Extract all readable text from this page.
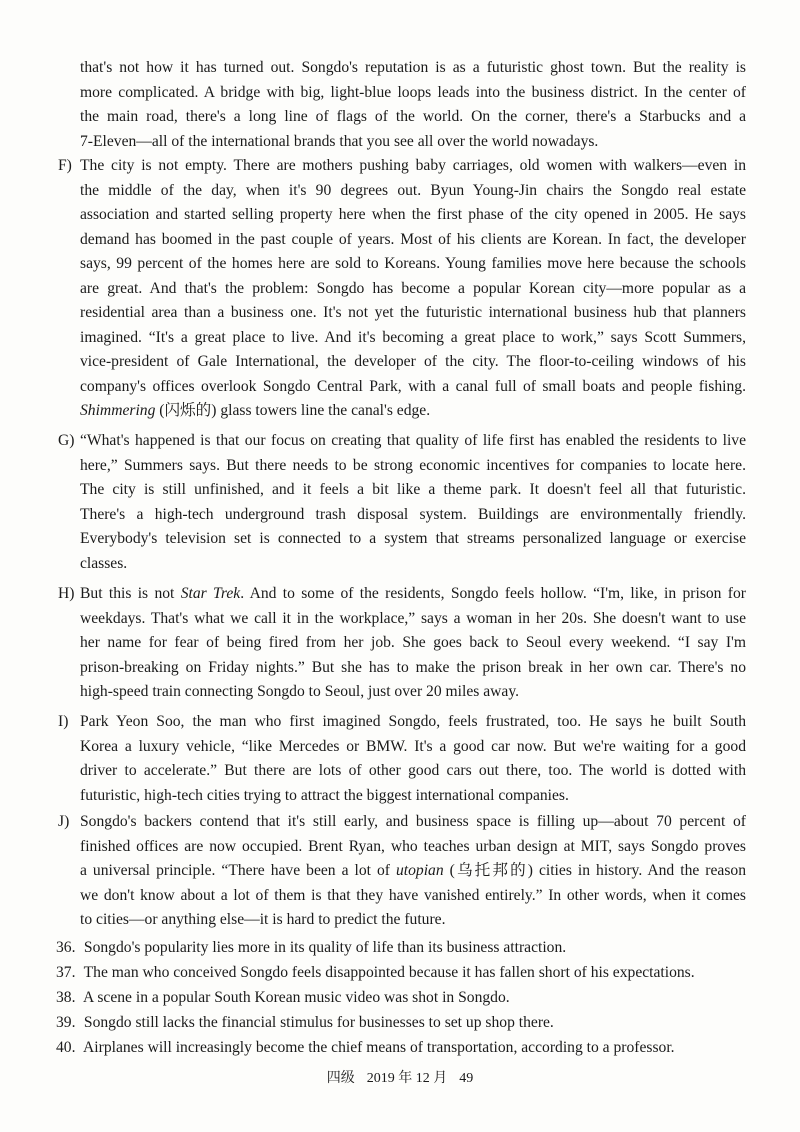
that's not how it has turned out. Songdo's reputation is as a futuristic ghost town. But the reality is
more complicated. A bridge with big, light-blue loops leads into the business district. In the center of
the main road, there's a long line of flags of the world. On the corner, there's a Starbucks and a
7-Eleven—all of the international brands that you see all over the world nowadays.
F) The city is not empty. There are mothers pushing baby carriages, old women with walkers—even in
the middle of the day, when it's 90 degrees out. Byun Young-Jin chairs the Songdo real estate
association and started selling property here when the first phase of the city opened in 2005. He says
demand has boomed in the past couple of years. Most of his clients are Korean. In fact, the developer
says, 99 percent of the homes here are sold to Koreans. Young families move here because the schools
are great. And that's the problem: Songdo has become a popular Korean city—more popular as a
residential area than a business one. It's not yet the futuristic international business hub that planners
imagined. “It's a great place to live. And it's becoming a great place to work,” says Scott Summers,
vice-president of Gale International, the developer of the city. The floor-to-ceiling windows of his
company's offices overlook Songdo Central Park, with a canal full of small boats and people fishing.
Shimmering (闪烁的) glass towers line the canal's edge.
G) “What's happened is that our focus on creating that quality of life first has enabled the residents to live
here,” Summers says. But there needs to be strong economic incentives for companies to locate here.
The city is still unfinished, and it feels a bit like a theme park. It doesn't feel all that futuristic.
There's a high-tech underground trash disposal system. Buildings are environmentally friendly.
Everybody's television set is connected to a system that streams personalized language or exercise
classes.
H) But this is not Star Trek. And to some of the residents, Songdo feels hollow. “I'm, like, in prison for
weekdays. That's what we call it in the workplace,” says a woman in her 20s. She doesn't want to use
her name for fear of being fired from her job. She goes back to Seoul every weekend. “I say I'm
prison-breaking on Friday nights.” But she has to make the prison break in her own car. There's no
high-speed train connecting Songdo to Seoul, just over 20 miles away.
I) Park Yeon Soo, the man who first imagined Songdo, feels frustrated, too. He says he built South
Korea a luxury vehicle, “like Mercedes or BMW. It's a good car now. But we're waiting for a good
driver to accelerate.” But there are lots of other good cars out there, too. The world is dotted with
futuristic, high-tech cities trying to attract the biggest international companies.
J) Songdo's backers contend that it's still early, and business space is filling up—about 70 percent of
finished offices are now occupied. Brent Ryan, who teaches urban design at MIT, says Songdo proves
a universal principle. “There have been a lot of utopian (乌托邦的) cities in history. And the reason
we don't know about a lot of them is that they have vanished entirely.” In other words, when it comes
to cities—or anything else—it is hard to predict the future.
36. Songdo's popularity lies more in its quality of life than its business attraction.
37. The man who conceived Songdo feels disappointed because it has fallen short of his expectations.
38. A scene in a popular South Korean music video was shot in Songdo.
39. Songdo still lacks the financial stimulus for businesses to set up shop there.
40. Airplanes will increasingly become the chief means of transportation, according to a professor.
四级 2019 年 12 月 49
